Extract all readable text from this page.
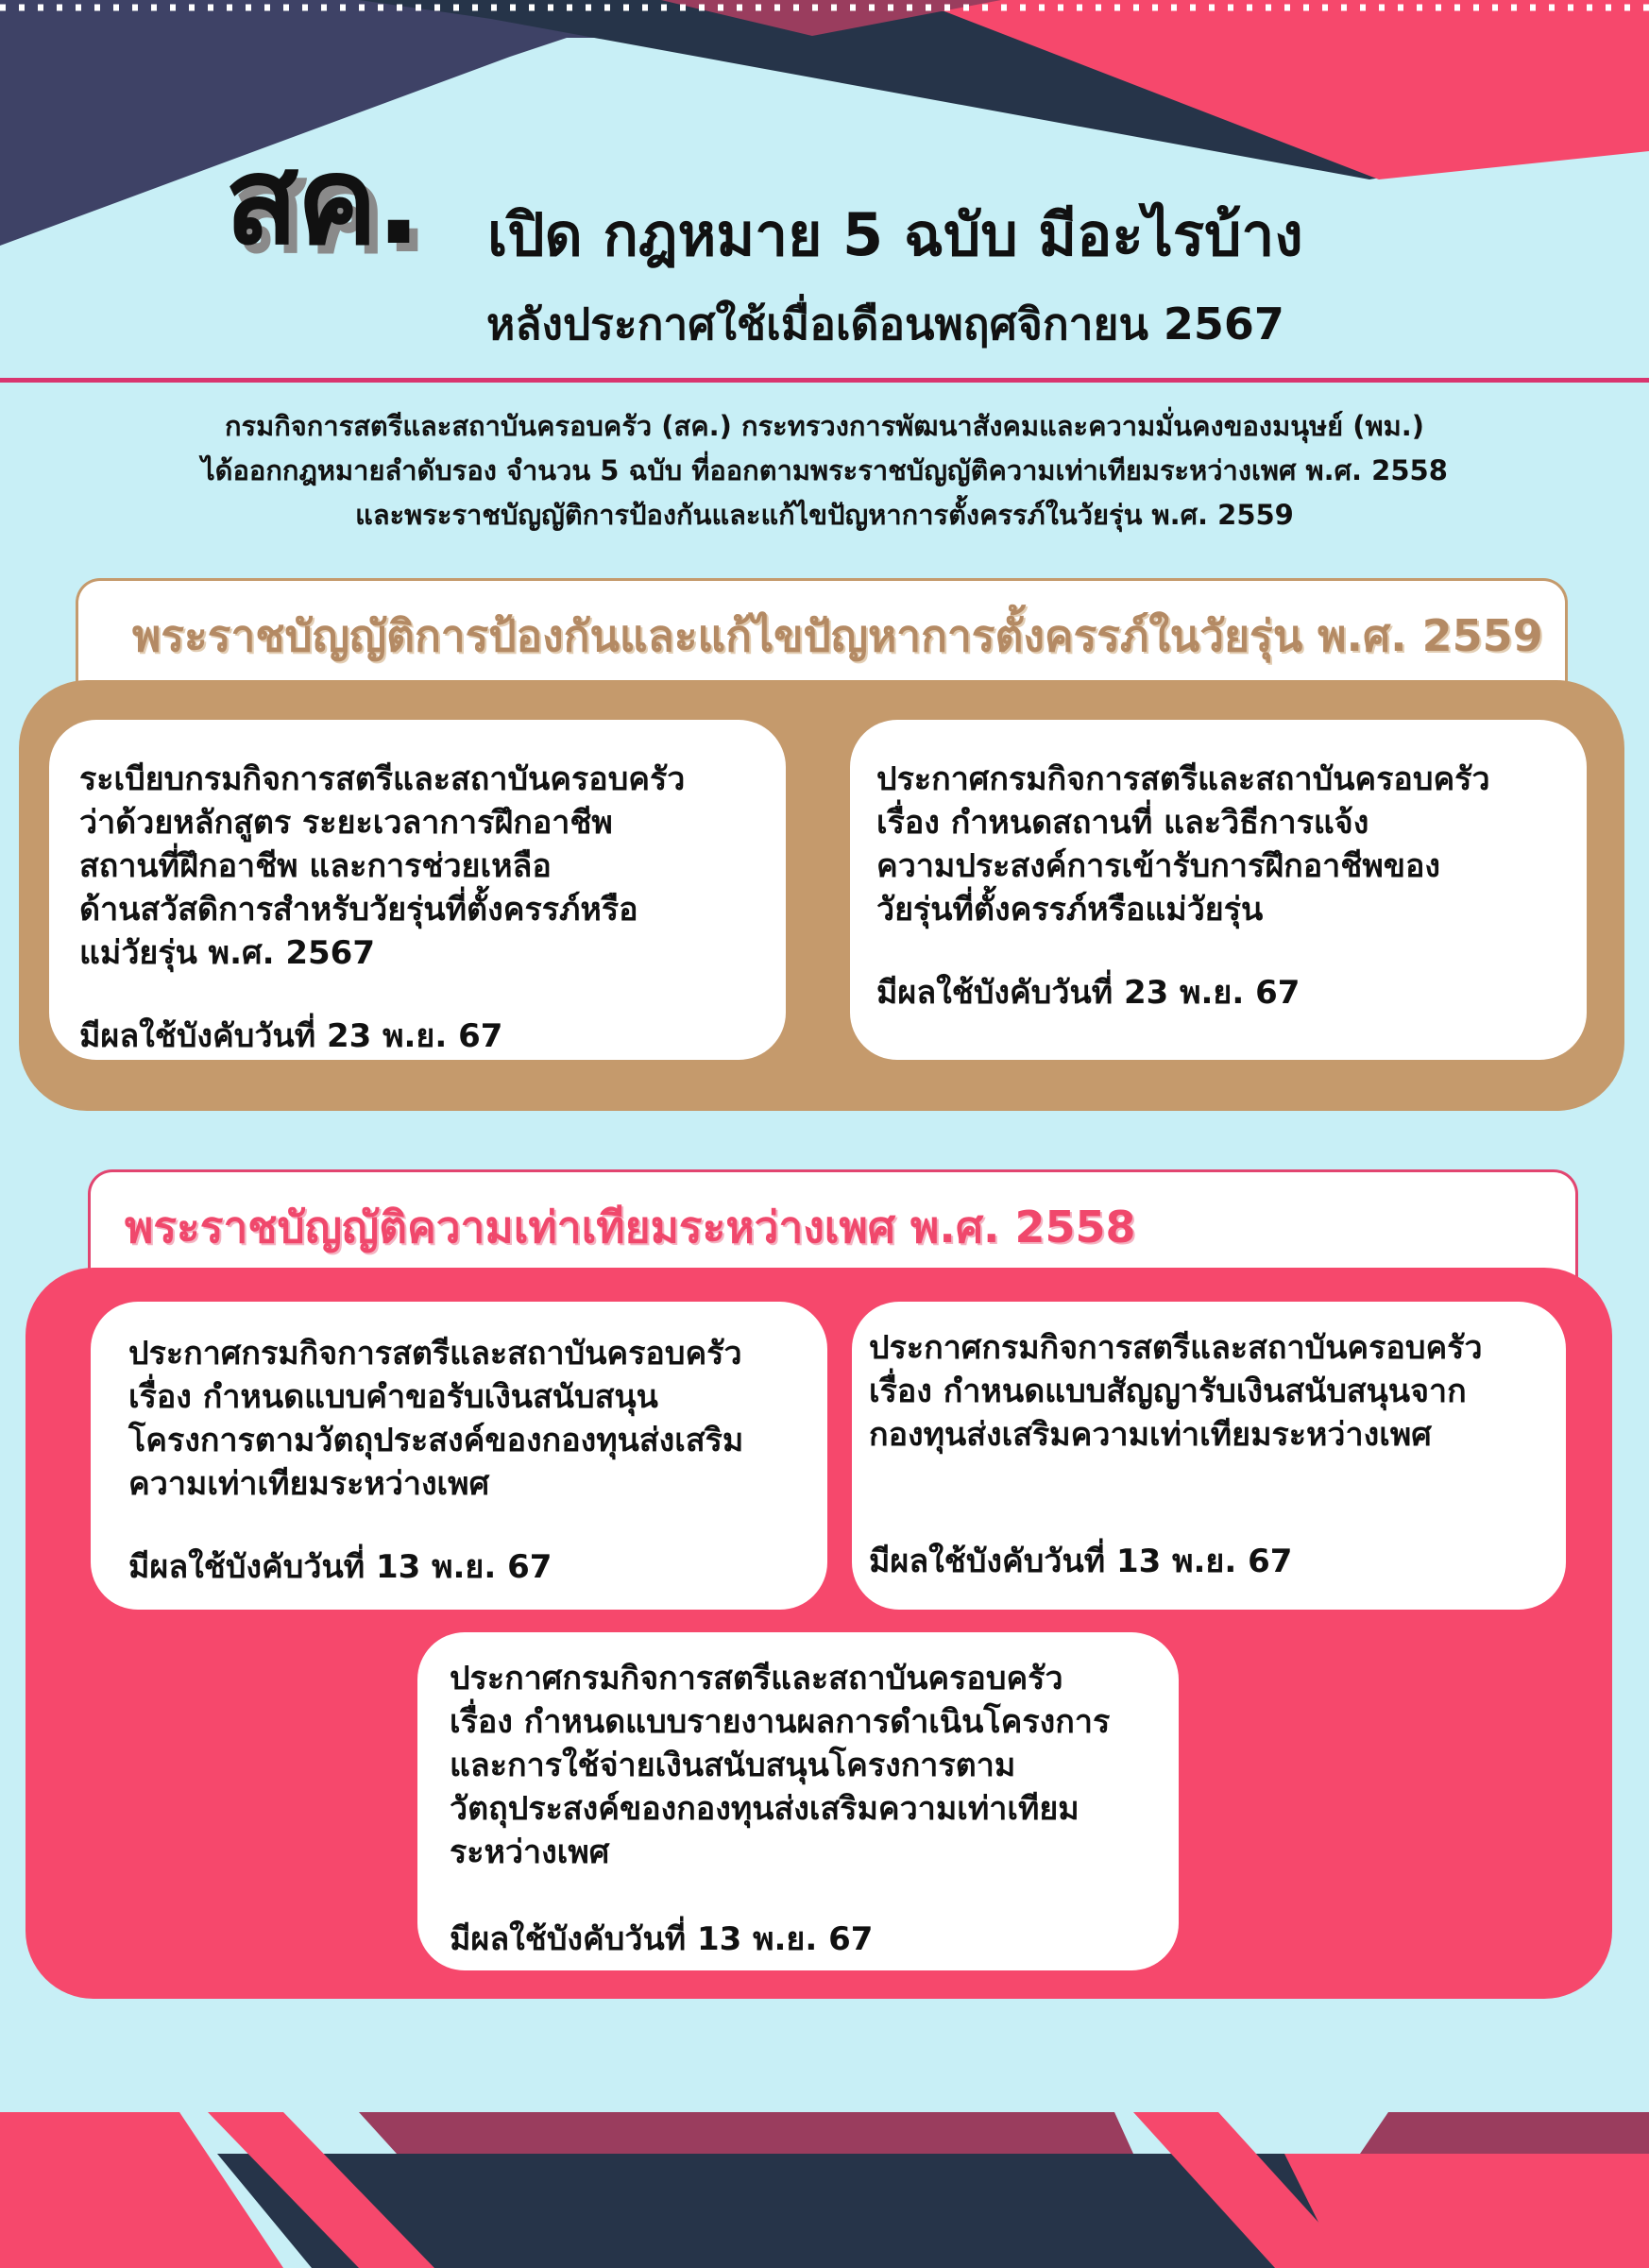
สค. เปิด กฎหมาย 5 ฉบับ มีอะไรบ้าง
หลังประกาศใช้เมื่อเดือนพฤศจิกายน 2567
กรมกิจการสตรีและสถาบันครอบครัว (สค.) กระทรวงการพัฒนาสังคมและความมั่นคงของมนุษย์ (พม.)
ได้ออกกฎหมายลำดับรอง จำนวน 5 ฉบับ ที่ออกตามพระราชบัญญัติความเท่าเทียมระหว่างเพศ พ.ศ. 2558
และพระราชบัญญัติการป้องกันและแก้ไขปัญหาการตั้งครรภ์ในวัยรุ่น พ.ศ. 2559
พระราชบัญญัติการป้องกันและแก้ไขปัญหาการตั้งครรภ์ในวัยรุ่น พ.ศ. 2559
ระเบียบกรมกิจการสตรีและสถาบันครอบครัว
ว่าด้วยหลักสูตร ระยะเวลาการฝึกอาชีพ
สถานที่ฝึกอาชีพ และการช่วยเหลือ
ด้านสวัสดิการสำหรับวัยรุ่นที่ตั้งครรภ์หรือ
แม่วัยรุ่น พ.ศ. 2567
มีผลใช้บังคับวันที่ 23 พ.ย. 67
ประกาศกรมกิจการสตรีและสถาบันครอบครัว
เรื่อง กำหนดสถานที่ และวิธีการแจ้ง
ความประสงค์การเข้ารับการฝึกอาชีพของ
วัยรุ่นที่ตั้งครรภ์หรือแม่วัยรุ่น
มีผลใช้บังคับวันที่ 23 พ.ย. 67
พระราชบัญญัติความเท่าเทียมระหว่างเพศ พ.ศ. 2558
ประกาศกรมกิจการสตรีและสถาบันครอบครัว
เรื่อง กำหนดแบบคำขอรับเงินสนับสนุน
โครงการตามวัตถุประสงค์ของกองทุนส่งเสริม
ความเท่าเทียมระหว่างเพศ
มีผลใช้บังคับวันที่ 13 พ.ย. 67
ประกาศกรมกิจการสตรีและสถาบันครอบครัว
เรื่อง กำหนดแบบสัญญารับเงินสนับสนุนจาก
กองทุนส่งเสริมความเท่าเทียมระหว่างเพศ
มีผลใช้บังคับวันที่ 13 พ.ย. 67
ประกาศกรมกิจการสตรีและสถาบันครอบครัว
เรื่อง กำหนดแบบรายงานผลการดำเนินโครงการ
และการใช้จ่ายเงินสนับสนุนโครงการตาม
วัตถุประสงค์ของกองทุนส่งเสริมความเท่าเทียม
ระหว่างเพศ
มีผลใช้บังคับวันที่ 13 พ.ย. 67
